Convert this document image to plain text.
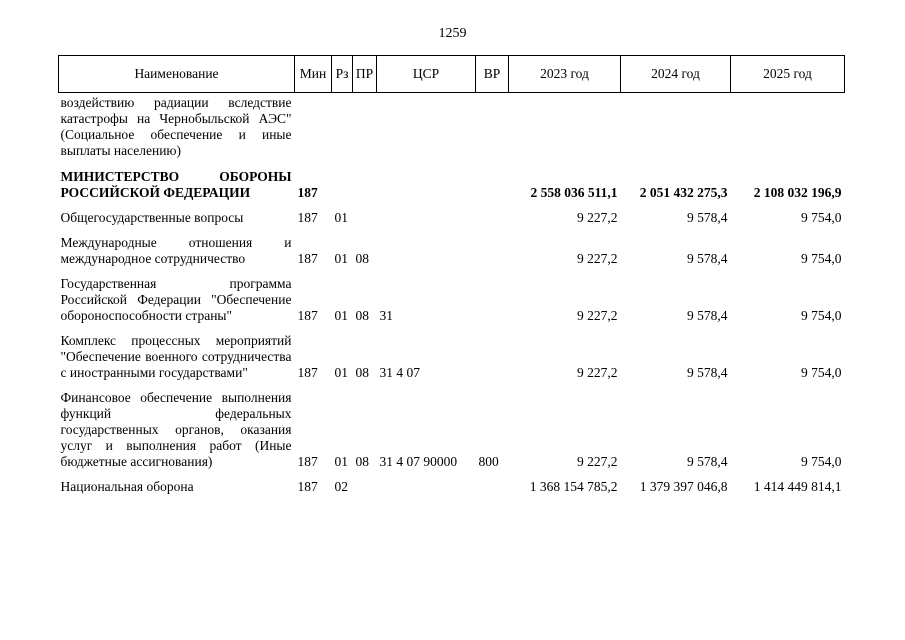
1259
Наименование	Мин	Рз	ПР	ЦСР	ВР	2023 год	2024 год	2025 год
воздействию радиации вследствие катастрофы на Чернобыльской АЭС" (Социальное обеспечение и иные выплаты населению)								
МИНИСТЕРСТВО ОБОРОНЫ РОССИЙСКОЙ ФЕДЕРАЦИИ	187					2 558 036 511,1	2 051 432 275,3	2 108 032 196,9
Общегосударственные вопросы	187	01				9 227,2	9 578,4	9 754,0
Международные отношения и международное сотрудничество	187	01	08			9 227,2	9 578,4	9 754,0
Государственная программа Российской Федерации "Обеспечение обороноспособности страны"	187	01	08	31		9 227,2	9 578,4	9 754,0
Комплекс процессных мероприятий "Обеспечение военного сотрудничества с иностранными государствами"	187	01	08	31 4 07		9 227,2	9 578,4	9 754,0
Финансовое обеспечение выполнения функций федеральных государственных органов, оказания услуг и выполнения работ (Иные бюджетные ассигнования)	187	01	08	31 4 07 90000	800	9 227,2	9 578,4	9 754,0
Национальная оборона	187	02				1 368 154 785,2	1 379 397 046,8	1 414 449 814,1
